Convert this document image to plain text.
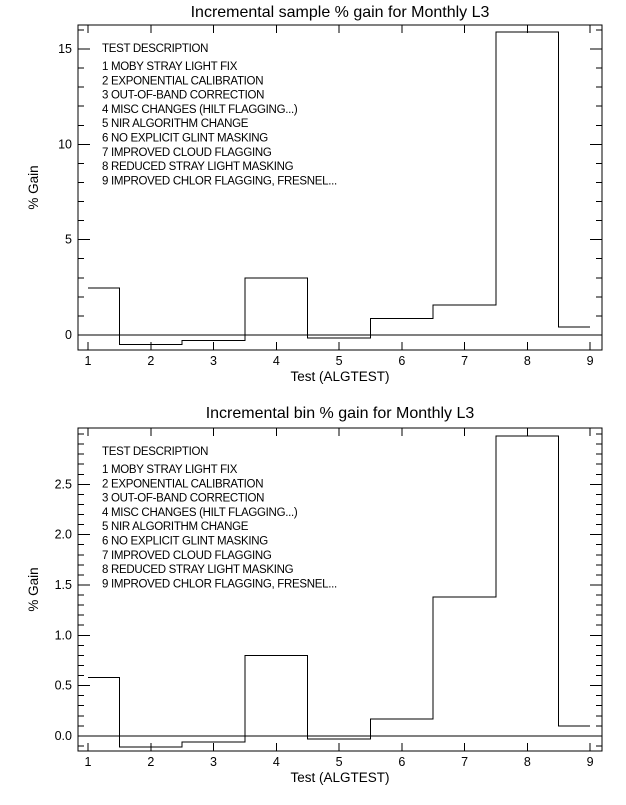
1	2	3	4	5	6	7	8	9
0
5
10
15
Incremental sample % gain for Monthly L3
Test (ALGTEST)
% Gain
TEST DESCRIPTION
1 MOBY STRAY LIGHT FIX
2 EXPONENTIAL CALIBRATION
3 OUT-OF-BAND CORRECTION
4 MISC CHANGES (HILT FLAGGING...)
5 NIR ALGORITHM CHANGE
6 NO EXPLICIT GLINT MASKING
7 IMPROVED CLOUD FLAGGING
8 REDUCED STRAY LIGHT MASKING
9 IMPROVED CHLOR FLAGGING, FRESNEL...
1	2	3	4	5	6	7	8	9
0.0
0.5
1.0
1.5
2.0
2.5
Incremental bin % gain for Monthly L3
Test (ALGTEST)
% Gain
TEST DESCRIPTION
1 MOBY STRAY LIGHT FIX
2 EXPONENTIAL CALIBRATION
3 OUT-OF-BAND CORRECTION
4 MISC CHANGES (HILT FLAGGING...)
5 NIR ALGORITHM CHANGE
6 NO EXPLICIT GLINT MASKING
7 IMPROVED CLOUD FLAGGING
8 REDUCED STRAY LIGHT MASKING
9 IMPROVED CHLOR FLAGGING, FRESNEL...
